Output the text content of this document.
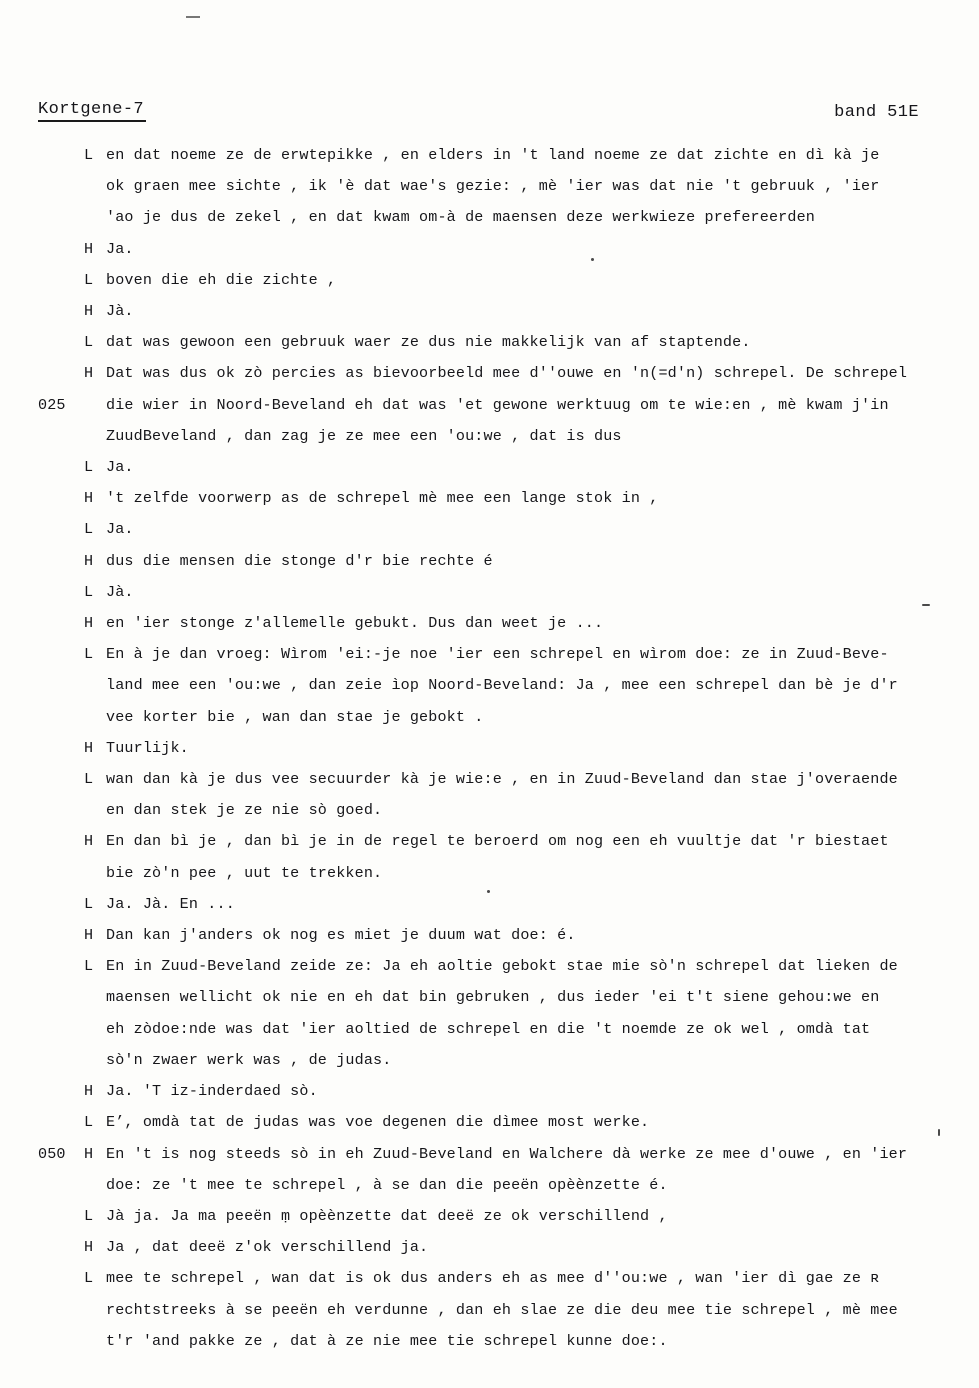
Kortgene-7	band 51E
L en dat noeme ze de erwtepikke , en elders in 't land noeme ze dat zichte en dì kà je
ok graen mee sichte , ik 'è dat wae's gezie: , mè 'ier was dat nie 't gebruuk , 'ier
'ao je dus de zekel , en dat kwam om-à de maensen deze werkwieze prefereerden
H Ja.
L boven die eh die zichte ,
H Jà.
L dat was gewoon een gebruuk waer ze dus nie makkelijk van af staptende.
H Dat was dus ok zò percies as bievoorbeeld mee d''ouwe en 'n(=d'n) schrepel. De schrepel
025	die wier in Noord-Beveland eh dat was 'et gewone werktuug om te wie:en , mè kwam j'in
ZuudBeveland , dan zag je ze mee een 'ou:we , dat is dus
L Ja.
H 't zelfde voorwerp as de schrepel mè mee een lange stok in ,
L Ja.
H dus die mensen die stonge d'r bie rechte é
L Jà.
H en 'ier stonge z'allemelle gebukt. Dus dan weet je ...
L En à je dan vroeg: Wìrom 'ei:-je noe 'ier een schrepel en wìrom doe: ze in Zuud-Beve-
land mee een 'ou:we , dan zeie ìop Noord-Beveland: Ja , mee een schrepel dan bè je d'r
vee korter bie , wan dan stae je gebokt .
H Tuurlijk.
L wan dan kà je dus vee secuurder kà je wie:e , en in Zuud-Beveland dan stae j'overaende
en dan stek je ze nie sò goed.
H En dan bì je , dan bì je in de regel te beroerd om nog een eh vuultje dat 'r biestaet
bie zò'n pee , uut te trekken.
L Ja. Jà. En ...
H Dan kan j'anders ok nog es miet je duum wat doe: é.
L En in Zuud-Beveland zeide ze: Ja eh aoltie gebokt stae mie sò'n schrepel dat lieken de
maensen wellicht ok nie en eh dat bin gebruken , dus ieder 'ei t't siene gehou:we en
eh zòdoe:nde was dat 'ier aoltied de schrepel en die 't noemde ze ok wel , omdà tat
sò'n zwaer werk was , de judas.
H Ja. 'T iz-inderdaed sò.
L E’, omdà tat de judas was voe degenen die dìmee most werke.
050	H En 't is nog steeds sò in eh Zuud-Beveland en Walchere dà werke ze mee d'ouwe , en 'ier
doe: ze 't mee te schrepel , à se dan die peeën opèènzette é.
L Jà ja. Ja ma peeën ṃ opèènzette dat deeë ze ok verschillend ,
H Ja , dat deeë z'ok verschillend ja.
L mee te schrepel , wan dat is ok dus anders eh as mee d''ou:we , wan 'ier dì gae ze ʀ
rechtstreeks à se peeën eh verdunne , dan eh slae ze die deu mee tie schrepel , mè mee
t'r 'and pakke ze , dat à ze nie mee tie schrepel kunne doe:.
